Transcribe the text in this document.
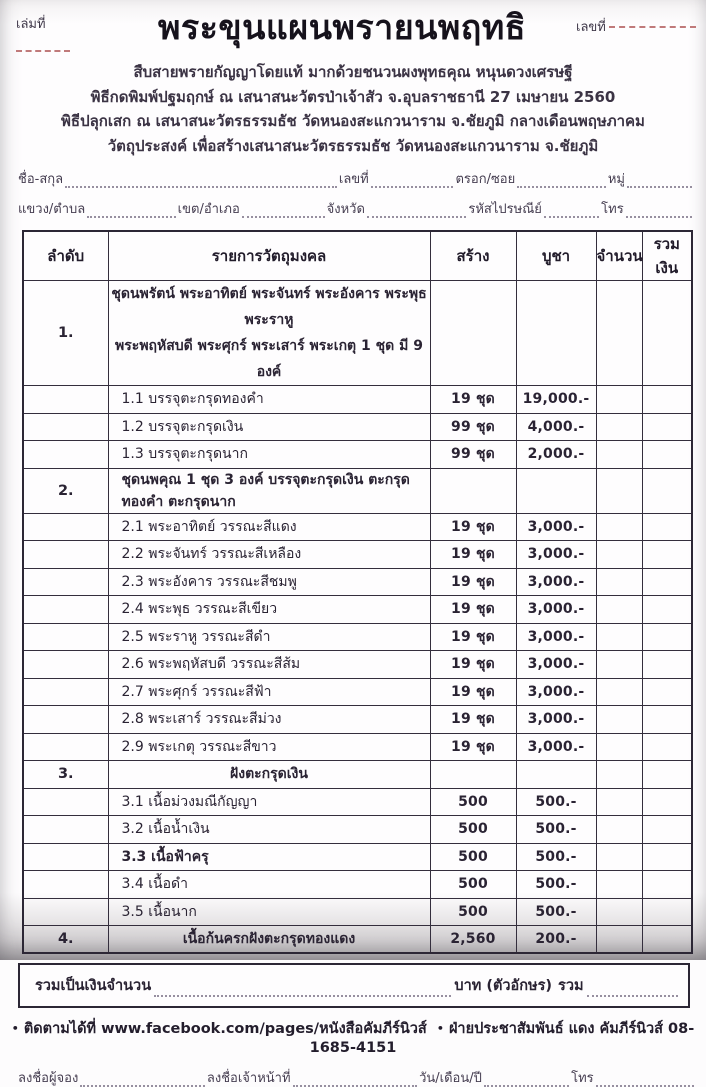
เล่มที่	พระขุนแผนพรายนพฤทธิ	เลขที่
สืบสายพรายกัญญาโดยแท้ มากด้วยชนวนผงพุทธคุณ หนุนดวงเศรษฐี
พิธีกดพิมพ์ปฐมฤกษ์ ณ เสนาสนะวัตรป่าเจ้าสัว จ.อุบลราชธานี 27 เมษายน 2560
พิธีปลุกเสก ณ เสนาสนะวัตรธรรมธัช วัดหนองสะแกวนาราม จ.ชัยภูมิ กลางเดือนพฤษภาคม
วัตถุประสงค์ เพื่อสร้างเสนาสนะวัตรธรรมธัช วัดหนองสะแกวนาราม จ.ชัยภูมิ
ชื่อ-สกุล	เลขที่	ตรอก/ซอย	หมู่
แขวง/ตำบล	เขต/อำเภอ	จังหวัด	รหัสไปรษณีย์	โทร
ลำดับ	รายการวัตถุมงคล	สร้าง	บูชา	จำนวน	รวมเงิน
1.	ชุดนพรัตน์ พระอาทิตย์ พระจันทร์ พระอังคาร พระพุธ พระราหู
พระพฤหัสบดี พระศุกร์ พระเสาร์ พระเกตุ 1 ชุด มี 9 องค์				

	1.1 บรรจุตะกรุดทองคำ	19 ชุด	19,000.-		
	1.2 บรรจุตะกรุดเงิน	99 ชุด	4,000.-		
	1.3 บรรจุตะกรุดนาก	99 ชุด	2,000.-		
2.	ชุดนพคุณ 1 ชุด 3 องค์ บรรจุตะกรุดเงิน ตะกรุดทองคำ ตะกรุดนาก				
	2.1 พระอาทิตย์ วรรณะสีแดง	19 ชุด	3,000.-		
	2.2 พระจันทร์ วรรณะสีเหลือง	19 ชุด	3,000.-		
	2.3 พระอังคาร วรรณะสีชมพู	19 ชุด	3,000.-		
	2.4 พระพุธ วรรณะสีเขียว	19 ชุด	3,000.-		
	2.5 พระราหู วรรณะสีดำ	19 ชุด	3,000.-		
	2.6 พระพฤหัสบดี วรรณะสีส้ม	19 ชุด	3,000.-		
	2.7 พระศุกร์ วรรณะสีฟ้า	19 ชุด	3,000.-		
	2.8 พระเสาร์ วรรณะสีม่วง	19 ชุด	3,000.-		
	2.9 พระเกตุ วรรณะสีขาว	19 ชุด	3,000.-		
3.	ฝังตะกรุดเงิน				
	3.1 เนื้อม่วงมณีกัญญา	500	500.-		
	3.2 เนื้อน้ำเงิน	500	500.-		
	3.3 เนื้อฟ้าครุ	500	500.-		
	3.4 เนื้อดำ	500	500.-		
	3.5 เนื้อนาก	500	500.-		
4.	เนื้อก้นครกฝังตะกรุดทองแดง	2,560	200.-		
รวมเป็นเงินจำนวน	บาท (ตัวอักษร) รวม
• ติดตามได้ที่ www.facebook.com/pages/หนังสือคัมภีร์นิวส์ • ฝ่ายประชาสัมพันธ์ แดง คัมภีร์นิวส์ 08-1685-4151
ลงชื่อผู้จอง	ลงชื่อเจ้าหน้าที่	วัน/เดือน/ปี	โทร
